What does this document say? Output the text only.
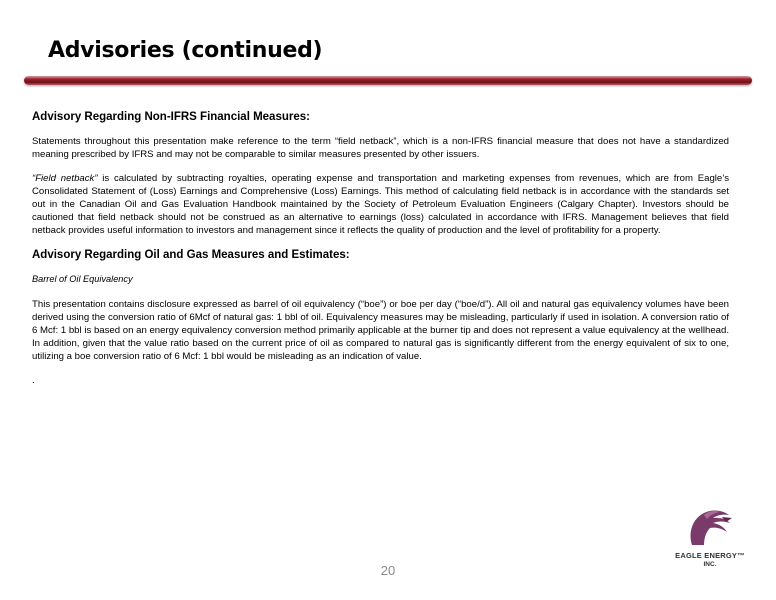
Advisories (continued)
Advisory Regarding Non-IFRS Financial Measures:

Statements throughout this presentation make reference to the term “field netback”, which is a non-IFRS financial measure that does not have a standardized meaning prescribed by IFRS and may not be comparable to similar measures presented by other issuers.

“Field netback” is calculated by subtracting royalties, operating expense and transportation and marketing expenses from revenues, which are from Eagle’s Consolidated Statement of (Loss) Earnings and Comprehensive (Loss) Earnings. This method of calculating field netback is in accordance with the standards set out in the Canadian Oil and Gas Evaluation Handbook maintained by the Society of Petroleum Evaluation Engineers (Calgary Chapter). Investors should be cautioned that field netback should not be construed as an alternative to earnings (loss) calculated in accordance with IFRS. Management believes that field netback provides useful information to investors and management since it reflects the quality of production and the level of profitability for a property.

Advisory Regarding Oil and Gas Measures and Estimates:
Barrel of Oil Equivalency

This presentation contains disclosure expressed as barrel of oil equivalency (“boe”) or boe per day (“boe/d”). All oil and natural gas equivalency volumes have been derived using the conversion ratio of 6Mcf of natural gas: 1 bbl of oil. Equivalency measures may be misleading, particularly if used in isolation. A conversion ratio of 6 Mcf: 1 bbl is based on an energy equivalency conversion method primarily applicable at the burner tip and does not represent a value equivalency at the wellhead. In addition, given that the value ratio based on the current price of oil as compared to natural gas is significantly different from the energy equivalent of six to one, utilizing a boe conversion ratio of 6 Mcf: 1 bbl would be misleading as an indication of value.

.
20
EAGLE ENERGY™
INC.
